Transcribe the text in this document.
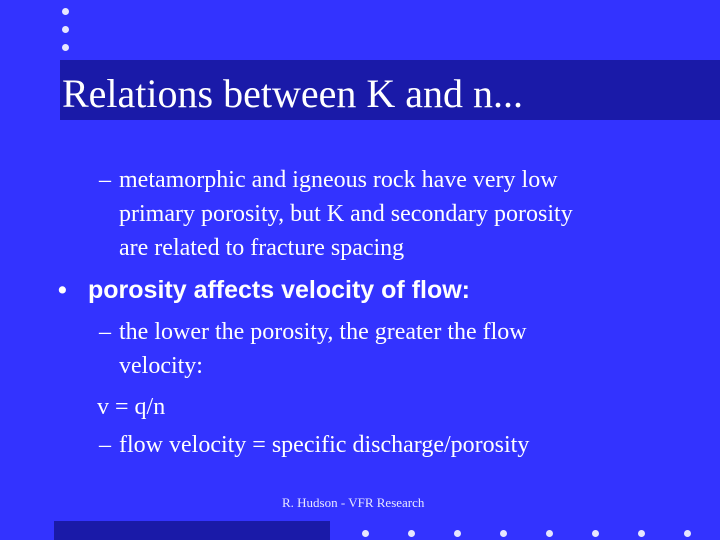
Relations between K and n...
– metamorphic and igneous rock have very low
primary porosity, but K and secondary porosity
are related to fracture spacing
• porosity affects velocity of flow:
– the lower the porosity, the greater the flow
velocity:
v = q/n
– flow velocity = specific discharge/porosity
R. Hudson - VFR Research
